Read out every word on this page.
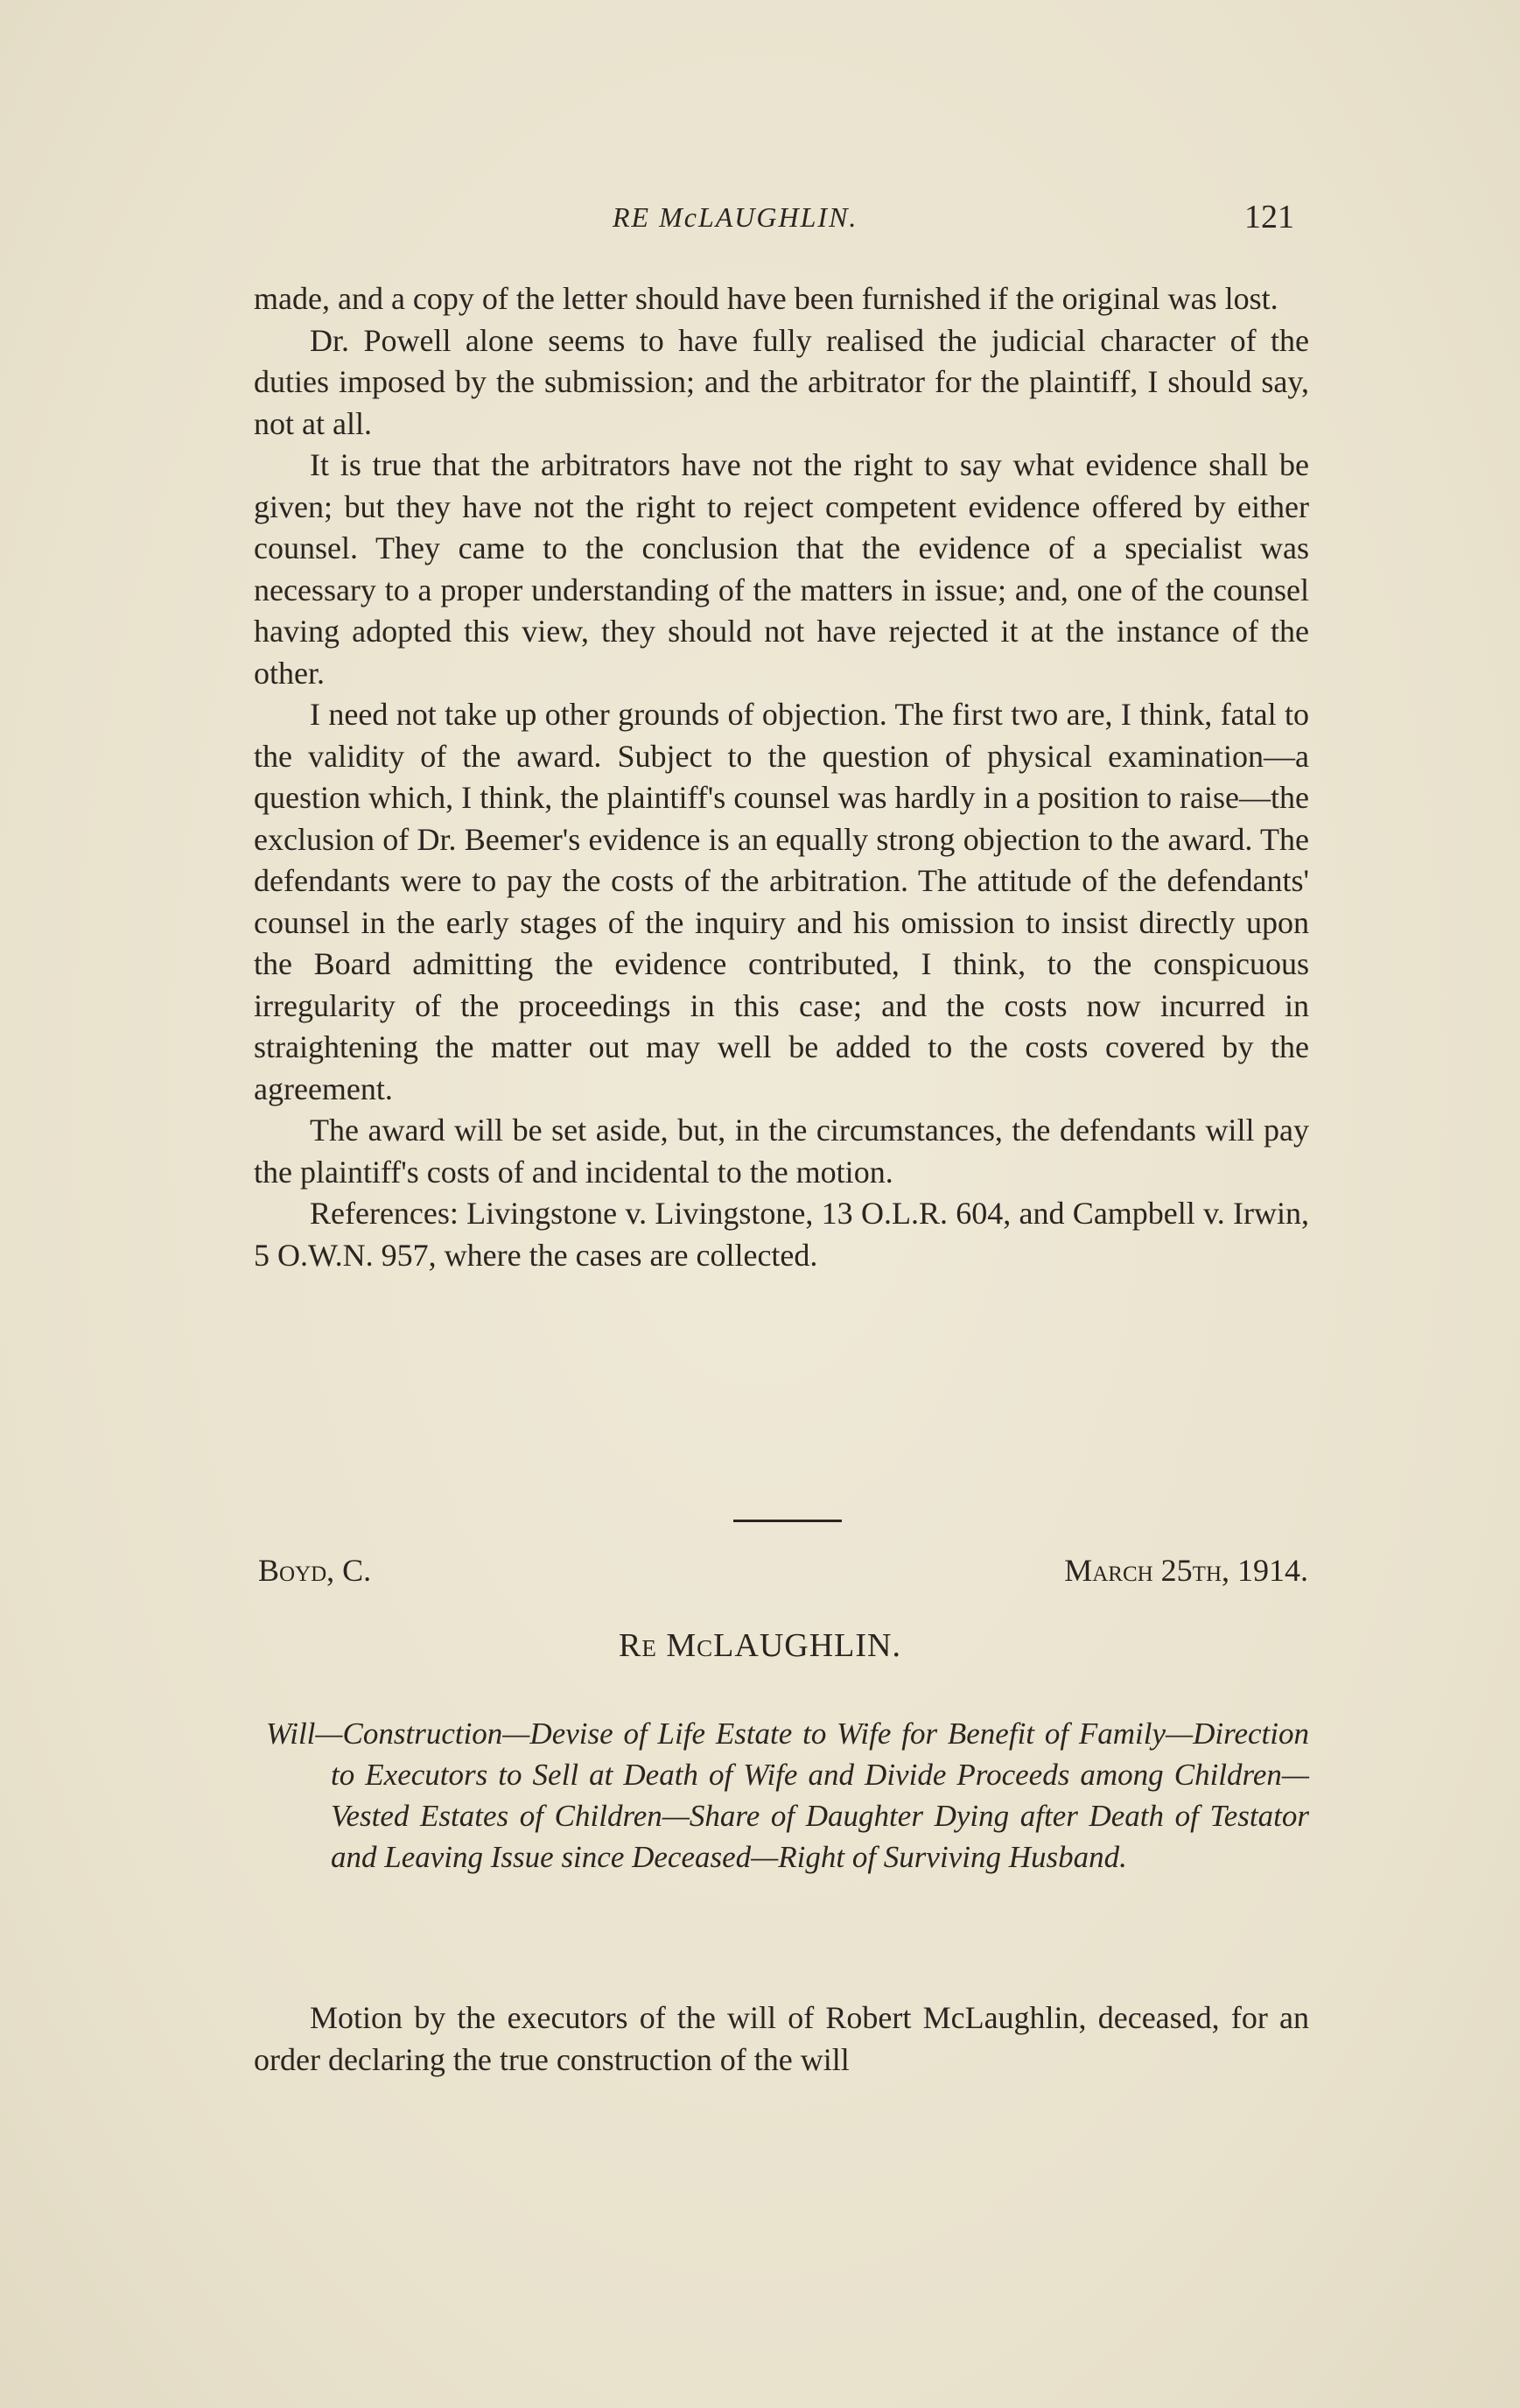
RE McLAUGHLIN.	121

made, and a copy of the letter should have been furnished if the original was lost.

Dr. Powell alone seems to have fully realised the judicial character of the duties imposed by the submission; and the arbitrator for the plaintiff, I should say, not at all.

It is true that the arbitrators have not the right to say what evidence shall be given; but they have not the right to reject competent evidence offered by either counsel. They came to the conclusion that the evidence of a specialist was necessary to a proper understanding of the matters in issue; and, one of the counsel having adopted this view, they should not have rejected it at the instance of the other.

I need not take up other grounds of objection. The first two are, I think, fatal to the validity of the award. Subject to the question of physical examination—a question which, I think, the plaintiff's counsel was hardly in a position to raise—the exclusion of Dr. Beemer's evidence is an equally strong objection to the award. The defendants were to pay the costs of the arbitration. The attitude of the defendants' counsel in the early stages of the inquiry and his omission to insist directly upon the Board admitting the evidence contributed, I think, to the conspicuous irregularity of the proceedings in this case; and the costs now incurred in straightening the matter out may well be added to the costs covered by the agreement.

The award will be set aside, but, in the circumstances, the defendants will pay the plaintiff's costs of and incidental to the motion.

References: Livingstone v. Livingstone, 13 O.L.R. 604, and Campbell v. Irwin, 5 O.W.N. 957, where the cases are collected.

Boyd, C.	March 25th, 1914.
Re McLAUGHLIN.
Will—Construction—Devise of Life Estate to Wife for Benefit of Family—Direction to Executors to Sell at Death of Wife and Divide Proceeds among Children—Vested Estates of Children—Share of Daughter Dying after Death of Testator and Leaving Issue since Deceased—Right of Surviving Husband.

Motion by the executors of the will of Robert McLaughlin, deceased, for an order declaring the true construction of the will
